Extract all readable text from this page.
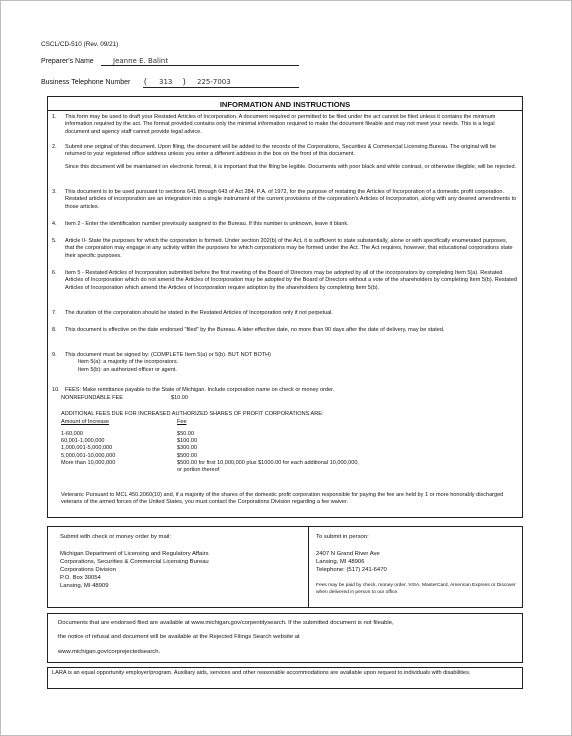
CSCL/CD-510 (Rev. 09/21)
Preparer's Name	Jeanne E. Balint
Business Telephone Number ( 313 ) 225-7003
INFORMATION AND INSTRUCTIONS
1. This form may be used to draft your Restated Articles of Incorporation. A document required or permitted to be filed under the act cannot be filed unless it contains the minimum information required by the act. The format provided contains only the minimal information required to make the document fileable and may not meet your needs. This is a legal document and agency staff cannot provide legal advice.

2. Submit one original of this document. Upon filing, the document will be added to the records of the Corporations, Securities & Commercial Licensing Bureau. The original will be returned to your registered office address unless you enter a different address in the box on the front of this document.

Since this document will be maintained on electronic format, it is important that the filing be legible. Documents with poor black and white contrast, or otherwise illegible, will be rejected.

3. This document is to be used pursuant to sections 641 through 643 of Act 284, P.A. of 1972, for the purpose of restating the Articles of Incorporation of a domestic profit corporation. Restated articles of incorporation are an integration into a single instrument of the current provisions of the corporation's Articles of Incorporation, along with any desired amendments to those articles.

4. Item 2 - Enter the identification number previously assigned to the Bureau. If this number is unknown, leave it blank.

5. Article II- State the purposes for which the corporation is formed. Under section 202(b) of the Act, it is sufficient to state substantially, alone or with specifically enumerated purposes, that the corporation may engage in any activity within the purposes for which corporations may be formed under the Act. The Act requires, however, that educational corporations state their specific purposes.

6. Item 5 - Restated Articles of Incorporation submitted before the first meeting of the Board of Directors may be adopted by all of the incorporators by completing Item 5(a). Restated Articles of Incorporation which do not amend the Articles of Incorporation may be adopted by the Board of Directors without a vote of the shareholders by completing Item 5(b). Restated Articles of Incorporation which amend the Articles of Incorporation require adoption by the shareholders by completing Item 5(b).

7. The duration of the corporation should be stated in the Restated Articles of Incorporation only if not perpetual.

8. This document is effective on the date endorsed "filed" by the Bureau. A later effective date, no more than 90 days after the date of delivery, may be stated.

9. This document must be signed by: (COMPLETE Item 5(a) or 5(b). BUT NOT BOTH)

Item 5(a): a majority of the incorporators.

Item 5(b): an authorized officer or agent.

10. FEES: Make remittance payable to the State of Michigan. Include corporation name on check or money order.

NONREFUNDABLE FEE	$10.00
ADDITIONAL FEES DUE FOR INCREASED AUTHORIZED SHARES OF PROFIT CORPORATIONS ARE:
Amount of Increase	Fee
1-60,000	$50.00
60,001-1,000,000	$100.00
1,000,001-5,000,000	$300.00
5,000,001-10,000,000	$500.00
More than 10,000,000	$500.00 for first 10,000,000 plus $1000.00 for each additional 10,000,000,
or portion thereof
Veterans: Pursuant to MCL 450.2060(10) and, if a majority of the shares of the domestic profit corporation responsible for paying the fee are held by 1 or more honorably discharged veterans of the armed forces of the United States, you must contact the Corporations Division regarding a fee waiver.
Submit with check or money order by mail:
Michigan Department of Licensing and Regulatory Affairs
Corporations, Securities & Commercial Licensing Bureau
Corporations Division
P.O. Box 30054
Lansing, MI 48909
To submit in person:
2407 N Grand River Ave
Lansing, MI 48906
Telephone: (517) 241-6470
Fees may be paid by check, money order, VISA, MasterCard, American Express or Discover when delivered in person to our office.
Documents that are endorsed filed are available at www.michigan.gov/corpentitysearch. If the submitted document is not fileable,
the notice of refusal and document will be available at the Rejected Filings Search website at
www.michigan.gov/corprejectedsearch.
LARA is an equal opportunity employer/program. Auxiliary aids, services and other reasonable accommodations are available upon request to individuals with disabilities.
